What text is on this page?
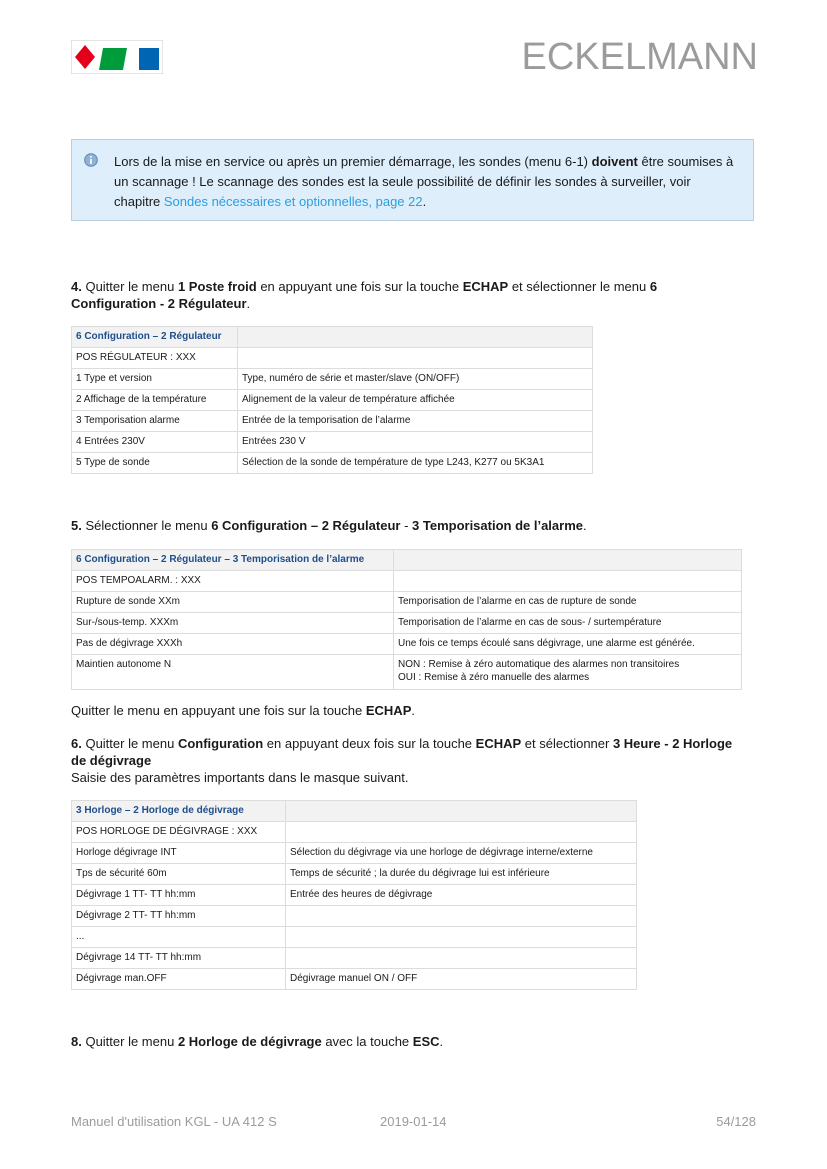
ECKELMANN
Lors de la mise en service ou après un premier démarrage, les sondes (menu 6-1) doivent être soumises à un scannage ! Le scannage des sondes est la seule possibilité de définir les sondes à surveiller, voir chapitre Sondes nécessaires et optionnelles, page 22.
4. Quitter le menu 1 Poste froid en appuyant une fois sur la touche ECHAP et sélectionner le menu 6 Configuration - 2 Régulateur.
6 Configuration – 2 Régulateur	
POS RÉGULATEUR : XXX	
1 Type et version	Type, numéro de série et master/slave (ON/OFF)
2 Affichage de la température	Alignement de la valeur de température affichée
3 Temporisation alarme	Entrée de la temporisation de l’alarme
4 Entrées 230V	Entrées 230 V
5 Type de sonde	Sélection de la sonde de température de type L243, K277 ou 5K3A1
5. Sélectionner le menu 6 Configuration – 2 Régulateur - 3 Temporisation de l’alarme.
6 Configuration – 2 Régulateur – 3 Temporisation de l’alarme	
POS TEMPOALARM. : XXX	
Rupture de sonde XXm	Temporisation de l’alarme en cas de rupture de sonde
Sur-/sous-temp. XXXm	Temporisation de l’alarme en cas de sous- / surtempérature
Pas de dégivrage XXXh	Une fois ce temps écoulé sans dégivrage, une alarme est générée.
Maintien autonome N	NON : Remise à zéro automatique des alarmes non transitoires
OUI : Remise à zéro manuelle des alarmes
Quitter le menu en appuyant une fois sur la touche ECHAP.
6. Quitter le menu Configuration en appuyant deux fois sur la touche ECHAP et sélectionner 3 Heure - 2 Horloge de dégivrage
Saisie des paramètres importants dans le masque suivant.
3 Horloge – 2 Horloge de dégivrage	
POS HORLOGE DE DÉGIVRAGE : XXX	
Horloge dégivrage INT	Sélection du dégivrage via une horloge de dégivrage interne/externe
Tps de sécurité 60m	Temps de sécurité ; la durée du dégivrage lui est inférieure
Dégivrage 1 TT- TT hh:mm	Entrée des heures de dégivrage
Dégivrage 2 TT- TT hh:mm	
...	
Dégivrage 14 TT- TT hh:mm	
Dégivrage man.OFF	Dégivrage manuel ON / OFF
8. Quitter le menu 2 Horloge de dégivrage avec la touche ESC.
Manuel d'utilisation KGL - UA 412 S	2019-01-14	54/128
